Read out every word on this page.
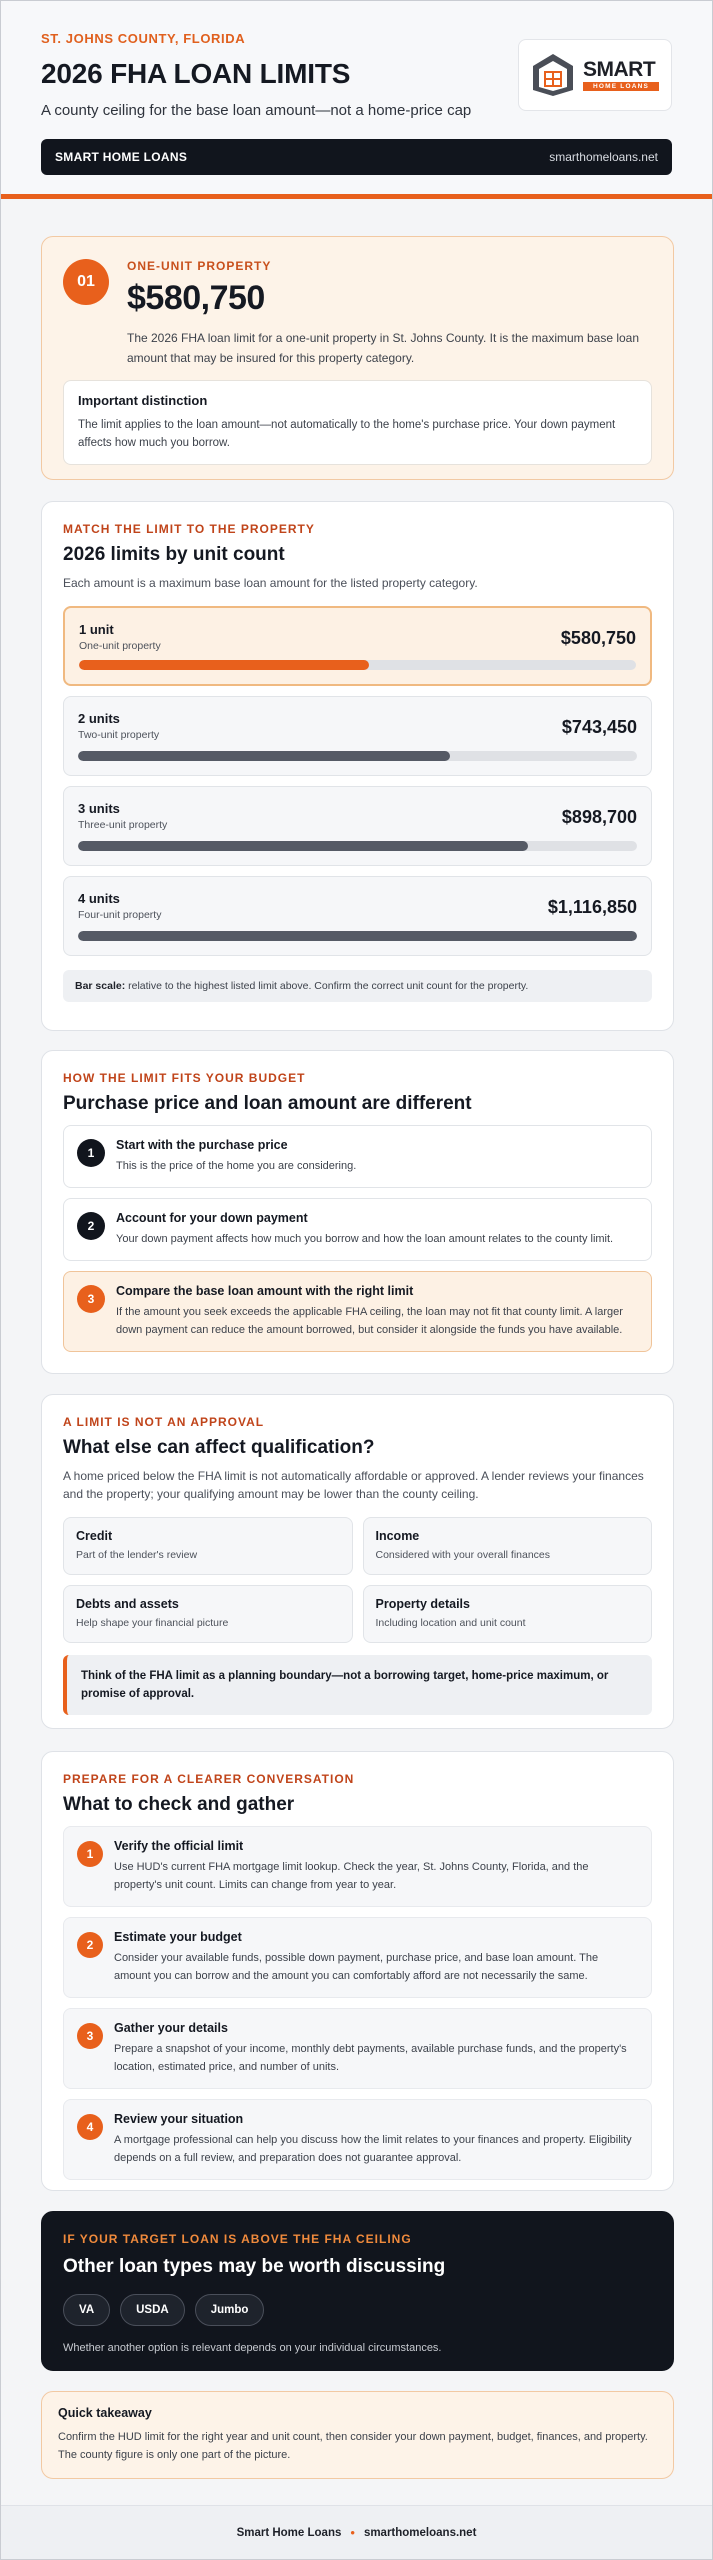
ST. JOHNS COUNTY, FLORIDA
2026 FHA LOAN LIMITS
A county ceiling for the base loan amount—not a home-price cap
SMART
HOME LOANS
SMART HOME LOANS	smarthomeloans.net
01
ONE-UNIT PROPERTY
$580,750
The 2026 FHA loan limit for a one-unit property in St. Johns County. It is the maximum base loan amount that may be insured for this property category.
Important distinction
The limit applies to the loan amount—not automatically to the home's purchase price. Your down payment affects how much you borrow.
MATCH THE LIMIT TO THE PROPERTY
2026 limits by unit count
Each amount is a maximum base loan amount for the listed property category.
1 unit
One-unit property	$580,750
2 units
Two-unit property	$743,450
3 units
Three-unit property	$898,700
4 units
Four-unit property	$1,116,850
Bar scale: relative to the highest listed limit above. Confirm the correct unit count for the property.
HOW THE LIMIT FITS YOUR BUDGET
Purchase price and loan amount are different
1
Start with the purchase price
This is the price of the home you are considering.
2
Account for your down payment
Your down payment affects how much you borrow and how the loan amount relates to the county limit.
3
Compare the base loan amount with the right limit
If the amount you seek exceeds the applicable FHA ceiling, the loan may not fit that county limit. A larger down payment can reduce the amount borrowed, but consider it alongside the funds you have available.
A LIMIT IS NOT AN APPROVAL
What else can affect qualification?
A home priced below the FHA limit is not automatically affordable or approved. A lender reviews your finances and the property; your qualifying amount may be lower than the county ceiling.
Credit
Part of the lender's review
Income
Considered with your overall finances
Debts and assets
Help shape your financial picture
Property details
Including location and unit count
Think of the FHA limit as a planning boundary—not a borrowing target, home-price maximum, or promise of approval.
PREPARE FOR A CLEARER CONVERSATION
What to check and gather
1
Verify the official limit
Use HUD's current FHA mortgage limit lookup. Check the year, St. Johns County, Florida, and the property's unit count. Limits can change from year to year.
2
Estimate your budget
Consider your available funds, possible down payment, purchase price, and base loan amount. The amount you can borrow and the amount you can comfortably afford are not necessarily the same.
3
Gather your details
Prepare a snapshot of your income, monthly debt payments, available purchase funds, and the property's location, estimated price, and number of units.
4
Review your situation
A mortgage professional can help you discuss how the limit relates to your finances and property. Eligibility depends on a full review, and preparation does not guarantee approval.
IF YOUR TARGET LOAN IS ABOVE THE FHA CEILING
Other loan types may be worth discussing
VA	USDA	Jumbo
Whether another option is relevant depends on your individual circumstances.
Quick takeaway
Confirm the HUD limit for the right year and unit count, then consider your down payment, budget, finances, and property. The county figure is only one part of the picture.
Smart Home Loans • smarthomeloans.net
